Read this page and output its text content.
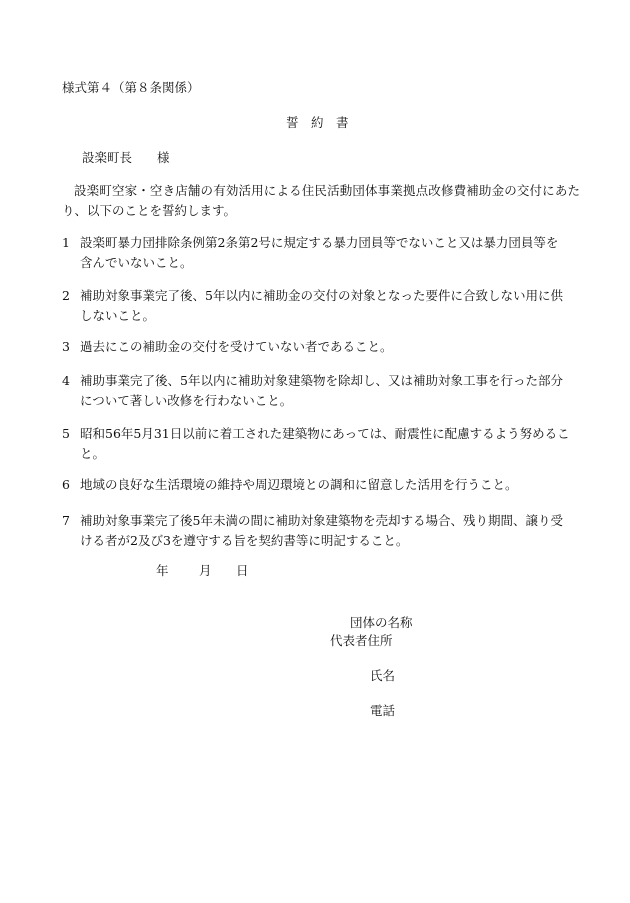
様式第４（第８条関係）
誓　約　書
設楽町長　　様
設楽町空家・空き店舗の有効活用による住民活動団体事業拠点改修費補助金の交付にあたり、以下のことを誓約します。
1 設楽町暴力団排除条例第2条第2号に規定する暴力団員等でないこと又は暴力団員等を
含んでいないこと。
2 補助対象事業完了後、5年以内に補助金の交付の対象となった要件に合致しない用に供
しないこと。
3 過去にこの補助金の交付を受けていない者であること。
4 補助事業完了後、5年以内に補助対象建築物を除却し、又は補助対象工事を行った部分
について著しい改修を行わないこと。
5 昭和56年5月31日以前に着工された建築物にあっては、耐震性に配慮するよう努めるこ
と。
6 地域の良好な生活環境の維持や周辺環境との調和に留意した活用を行うこと。
7 補助対象事業完了後5年未満の間に補助対象建築物を売却する場合、残り期間、譲り受
ける者が2及び3を遵守する旨を契約書等に明記すること。
年 月 日
団体の名称
代表者住所
氏名
電話
